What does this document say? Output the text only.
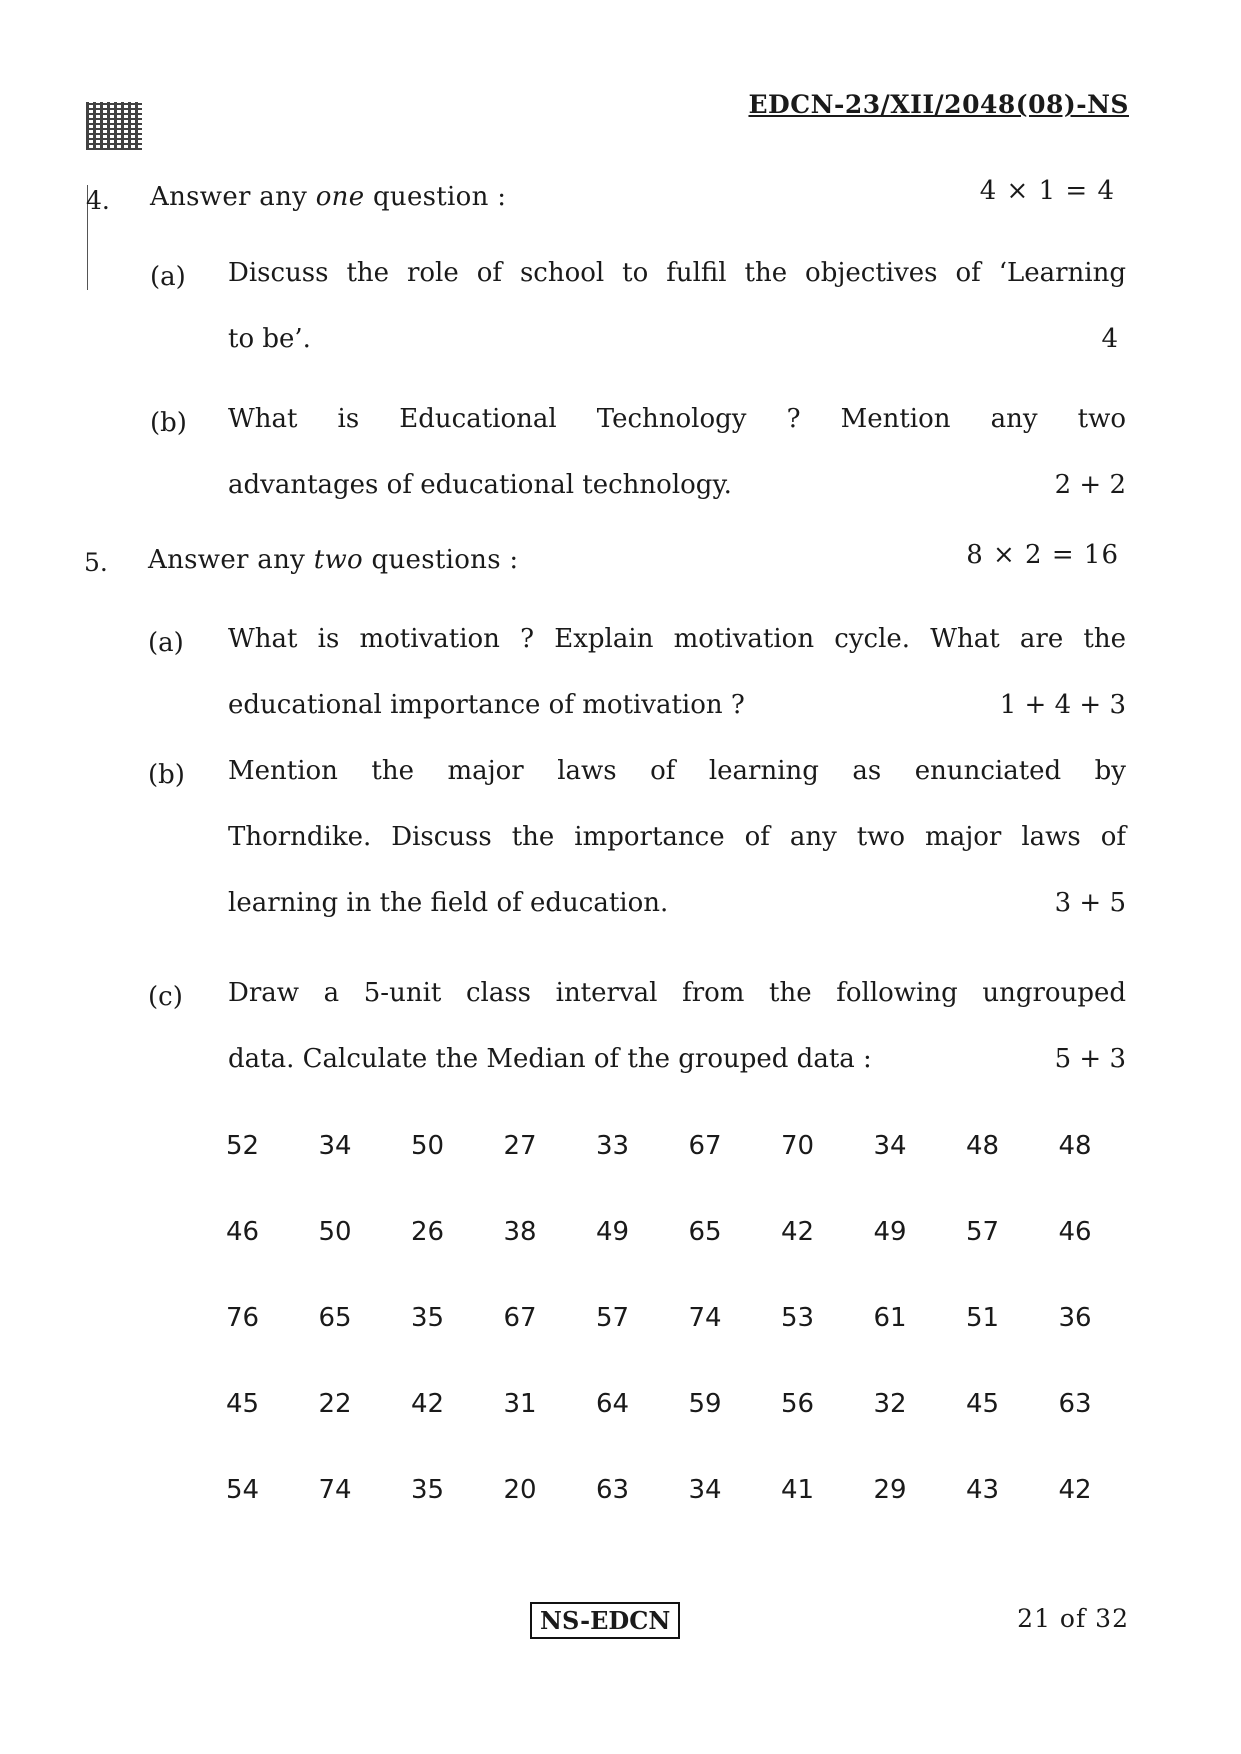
EDCN-23/XII/2048(08)-NS
4. Answer any one question :	4 × 1 = 4
(a) Discuss the role of school to fulfil the objectives of ‘Learning
to be’.	4
(b) What is Educational Technology ? Mention any two
advantages of educational technology.	2 + 2
5. Answer any two questions :	8 × 2 = 16
(a) What is motivation ? Explain motivation cycle. What are the
educational importance of motivation ?	1 + 4 + 3
(b) Mention the major laws of learning as enunciated by
Thorndike. Discuss the importance of any two major laws of
learning in the field of education.	3 + 5
(c) Draw a 5-unit class interval from the following ungrouped
data. Calculate the Median of the grouped data :	5 + 3
52	34	50	27	33	67	70	34	48	48
46	50	26	38	49	65	42	49	57	46
76	65	35	67	57	74	53	61	51	36
45	22	42	31	64	59	56	32	45	63
54	74	35	20	63	34	41	29	43	42
NS-EDCN	21 of 32
